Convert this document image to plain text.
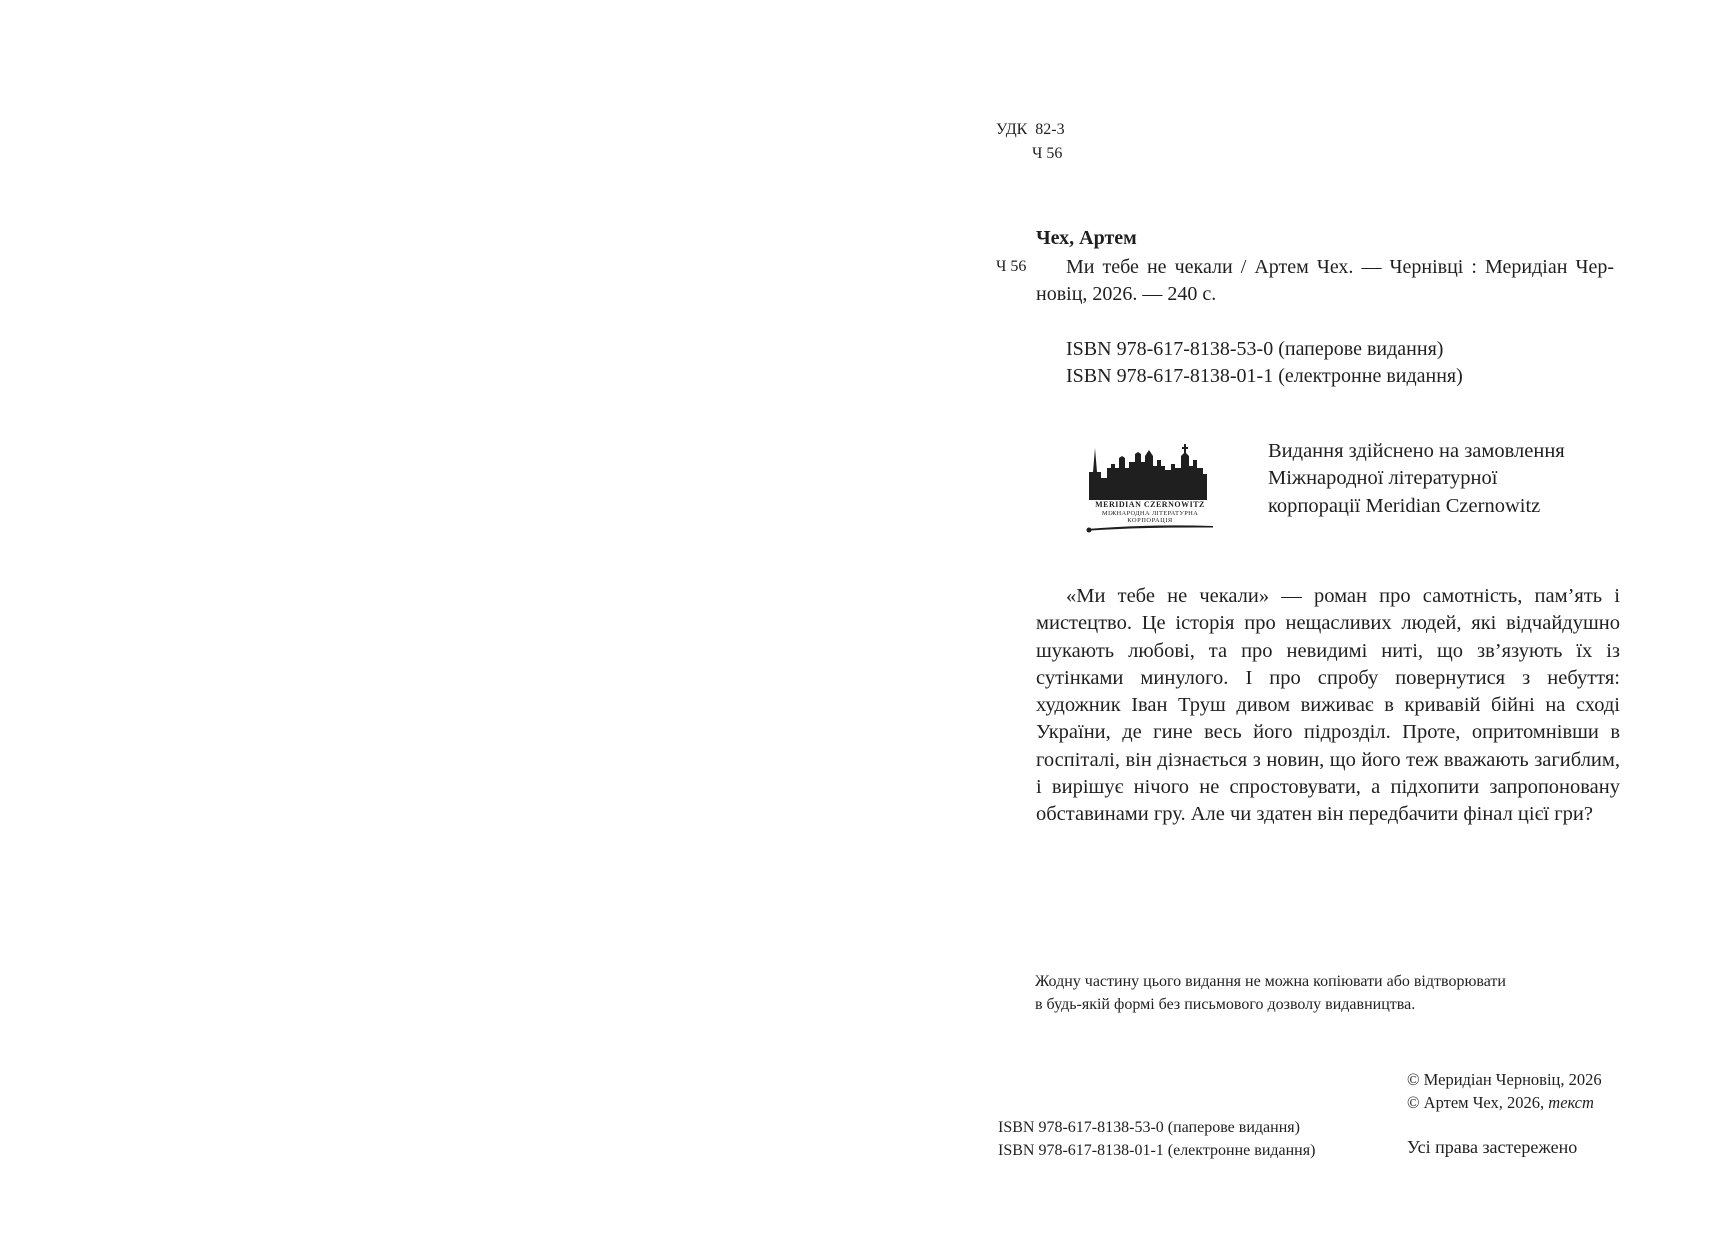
УДК 82-3
Ч 56
Чех, Артем
Ч 56	Ми тебе не чекали / Артем Чех. — Чернівці : Меридіан Чер-
новіц, 2026. — 240 с.
ISBN 978-617-8138-53-0 (паперове видання)
ISBN 978-617-8138-01-1 (електронне видання)
MERIDIAN CZERNOWITZ
МІЖНАРОДНА ЛІТЕРАТУРНА
КОРПОРАЦІЯ
Видання здійснено на замовлення
Міжнародної літературної
корпорації Meridian Czernowitz

«Ми тебе не чекали» — роман про самотність, пам’ять і мистецтво. Це історія про нещасливих людей, які відчайдушно шукають любові, та про невидимі нитi, що зв’язують їх із сутінками минулого. І про спробу повернутися з небуття: художник Іван Труш дивом виживає в кривавій бійні на сході України, де гине весь його підрозділ. Проте, опритомнівши в госпіталі, він дізнається з новин, що його теж вважають загиблим, і вирішує нічого не спростовувати, а підхопити запропоновану обставинами гру. Але чи здатен він передбачити фінал цієї гри?

Жодну частину цього видання не можна копіювати або відтворювати
в будь-якій формі без письмового дозволу видавництва.
© Меридіан Черновіц, 2026
© Артем Чех, 2026, текст
ISBN 978-617-8138-53-0 (паперове видання)
ISBN 978-617-8138-01-1 (електронне видання)	Усі права застережено
